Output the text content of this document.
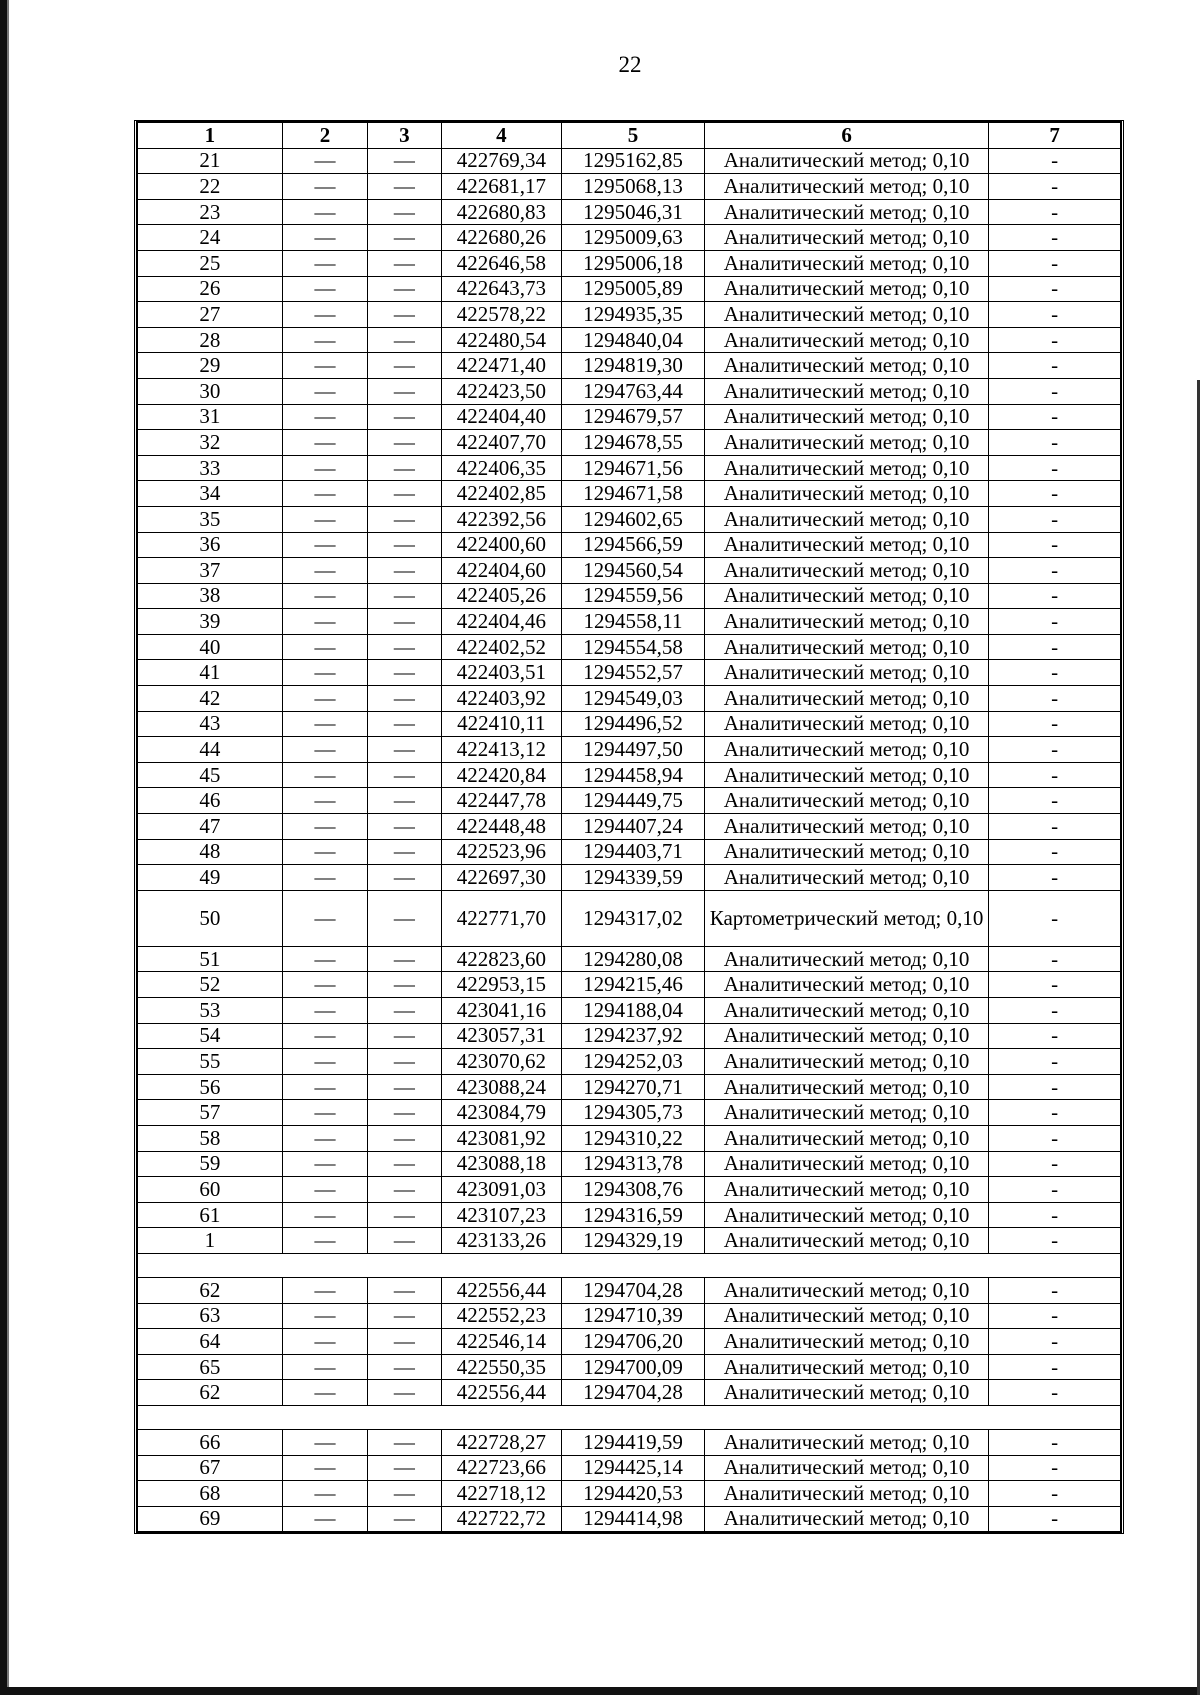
22
1	2	3	4	5	6	7
21	—	—	422769,34	1295162,85	Аналитический метод; 0,10	-
22	—	—	422681,17	1295068,13	Аналитический метод; 0,10	-
23	—	—	422680,83	1295046,31	Аналитический метод; 0,10	-
24	—	—	422680,26	1295009,63	Аналитический метод; 0,10	-
25	—	—	422646,58	1295006,18	Аналитический метод; 0,10	-
26	—	—	422643,73	1295005,89	Аналитический метод; 0,10	-
27	—	—	422578,22	1294935,35	Аналитический метод; 0,10	-
28	—	—	422480,54	1294840,04	Аналитический метод; 0,10	-
29	—	—	422471,40	1294819,30	Аналитический метод; 0,10	-
30	—	—	422423,50	1294763,44	Аналитический метод; 0,10	-
31	—	—	422404,40	1294679,57	Аналитический метод; 0,10	-
32	—	—	422407,70	1294678,55	Аналитический метод; 0,10	-
33	—	—	422406,35	1294671,56	Аналитический метод; 0,10	-
34	—	—	422402,85	1294671,58	Аналитический метод; 0,10	-
35	—	—	422392,56	1294602,65	Аналитический метод; 0,10	-
36	—	—	422400,60	1294566,59	Аналитический метод; 0,10	-
37	—	—	422404,60	1294560,54	Аналитический метод; 0,10	-
38	—	—	422405,26	1294559,56	Аналитический метод; 0,10	-
39	—	—	422404,46	1294558,11	Аналитический метод; 0,10	-
40	—	—	422402,52	1294554,58	Аналитический метод; 0,10	-
41	—	—	422403,51	1294552,57	Аналитический метод; 0,10	-
42	—	—	422403,92	1294549,03	Аналитический метод; 0,10	-
43	—	—	422410,11	1294496,52	Аналитический метод; 0,10	-
44	—	—	422413,12	1294497,50	Аналитический метод; 0,10	-
45	—	—	422420,84	1294458,94	Аналитический метод; 0,10	-
46	—	—	422447,78	1294449,75	Аналитический метод; 0,10	-
47	—	—	422448,48	1294407,24	Аналитический метод; 0,10	-
48	—	—	422523,96	1294403,71	Аналитический метод; 0,10	-
49	—	—	422697,30	1294339,59	Аналитический метод; 0,10	-
50	—	—	422771,70	1294317,02	Картометрический метод; 0,10	-
51	—	—	422823,60	1294280,08	Аналитический метод; 0,10	-
52	—	—	422953,15	1294215,46	Аналитический метод; 0,10	-
53	—	—	423041,16	1294188,04	Аналитический метод; 0,10	-
54	—	—	423057,31	1294237,92	Аналитический метод; 0,10	-
55	—	—	423070,62	1294252,03	Аналитический метод; 0,10	-
56	—	—	423088,24	1294270,71	Аналитический метод; 0,10	-
57	—	—	423084,79	1294305,73	Аналитический метод; 0,10	-
58	—	—	423081,92	1294310,22	Аналитический метод; 0,10	-
59	—	—	423088,18	1294313,78	Аналитический метод; 0,10	-
60	—	—	423091,03	1294308,76	Аналитический метод; 0,10	-
61	—	—	423107,23	1294316,59	Аналитический метод; 0,10	-
1	—	—	423133,26	1294329,19	Аналитический метод; 0,10	-

62	—	—	422556,44	1294704,28	Аналитический метод; 0,10	-
63	—	—	422552,23	1294710,39	Аналитический метод; 0,10	-
64	—	—	422546,14	1294706,20	Аналитический метод; 0,10	-
65	—	—	422550,35	1294700,09	Аналитический метод; 0,10	-
62	—	—	422556,44	1294704,28	Аналитический метод; 0,10	-

66	—	—	422728,27	1294419,59	Аналитический метод; 0,10	-
67	—	—	422723,66	1294425,14	Аналитический метод; 0,10	-
68	—	—	422718,12	1294420,53	Аналитический метод; 0,10	-
69	—	—	422722,72	1294414,98	Аналитический метод; 0,10	-
